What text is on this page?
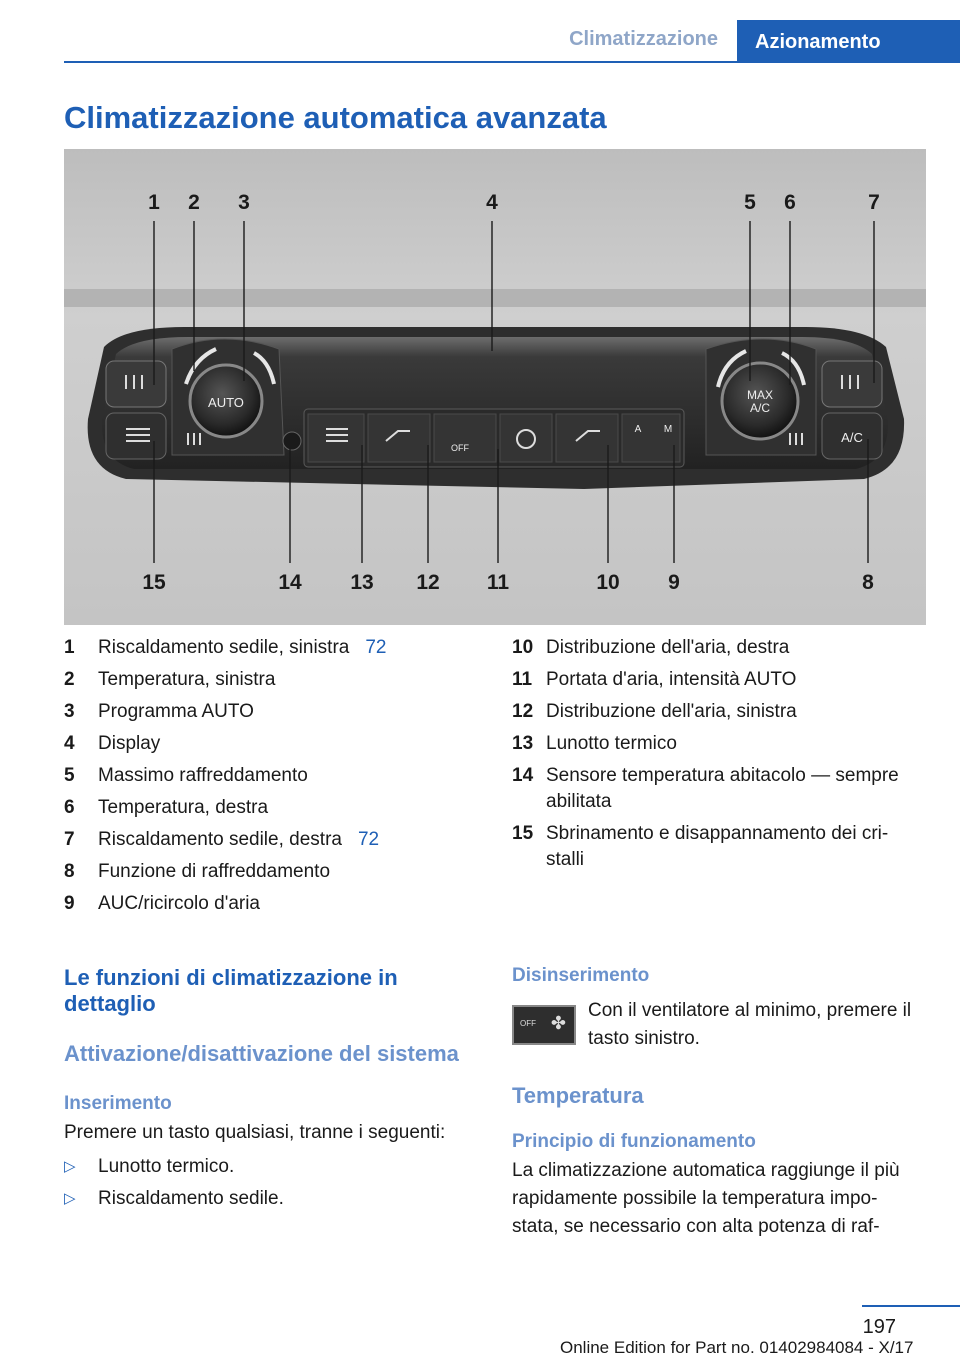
Climatizzazione	Azionamento
Climatizzazione automatica avanzata
AUTO	MAX
A/C
A/C
OFF
A M
1 2 3	4	5 6	7
8
9
10
11
12
13
14
15
1 Riscaldamento sedile, sinistra 72
2 Temperatura, sinistra
3 Programma AUTO
4 Display
5 Massimo raffreddamento
6 Temperatura, destra
7 Riscaldamento sedile, destra 72
8 Funzione di raffreddamento
9 AUC/ricircolo d'aria
10 Distribuzione dell'aria, destra
11 Portata d'aria, intensità AUTO
12 Distribuzione dell'aria, sinistra
13 Lunotto termico
14 Sensore temperatura abitacolo — sempre
abilitata
15 Sbrinamento e disappannamento dei cri-
stalli

Le funzioni di climatizzazione in

dettaglio

Attivazione/disattivazione del sistema

Inserimento

Premere un tasto qualsiasi, tranne i seguenti:

▷ Lunotto termico.
▷ Riscaldamento sedile.

Disinserimento

OFF ✤

Con il ventilatore al minimo, premere il

tasto sinistro.

Temperatura

Principio di funzionamento

La climatizzazione automatica raggiunge il più

rapidamente possibile la temperatura impo-

stata, se necessario con alta potenza di raf-

197
Online Edition for Part no. 01402984084 - X/17
